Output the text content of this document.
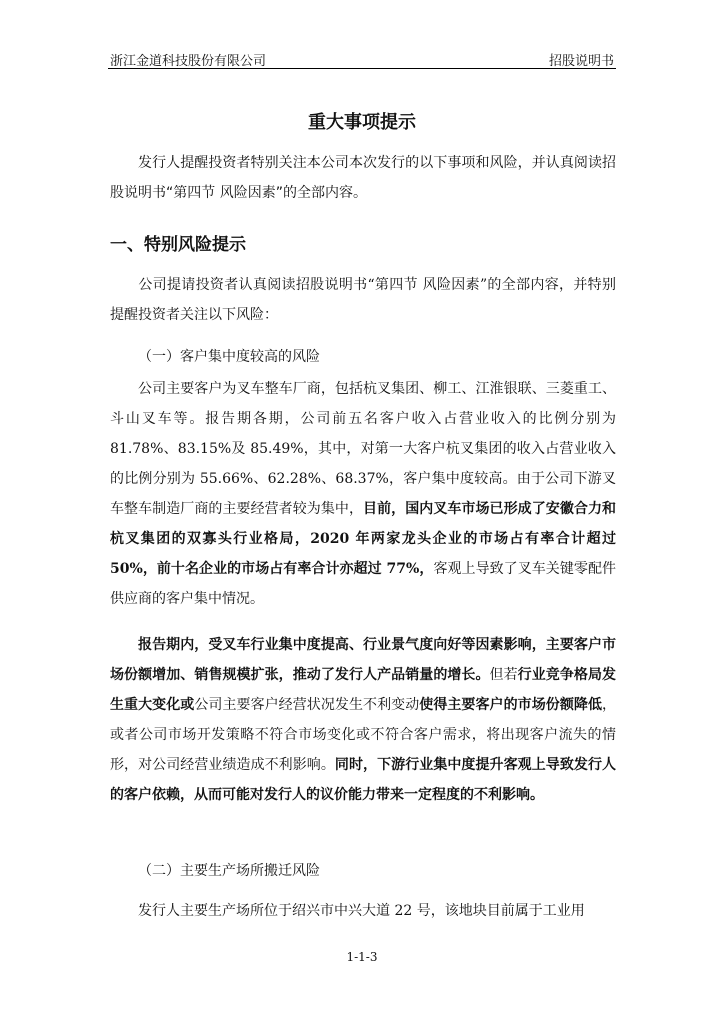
浙江金道科技股份有限公司	招股说明书
重大事项提示
发行人提醒投资者特别关注本公司本次发行的以下事项和风险，并认真阅读招股说明书“第四节 风险因素”的全部内容。
一、特别风险提示
公司提请投资者认真阅读招股说明书“第四节 风险因素”的全部内容，并特别提醒投资者关注以下风险：
（一）客户集中度较高的风险
公司主要客户为叉车整车厂商，包括杭叉集团、柳工、江淮银联、三菱重工、斗山叉车等。报告期各期，公司前五名客户收入占营业收入的比例分别为81.78%、83.15%及 85.49%，其中，对第一大客户杭叉集团的收入占营业收入的比例分别为 55.66%、62.28%、68.37%，客户集中度较高。由于公司下游叉车整车制造厂商的主要经营者较为集中，目前，国内叉车市场已形成了安徽合力和杭叉集团的双寡头行业格局，2020 年两家龙头企业的市场占有率合计超过 50%，前十名企业的市场占有率合计亦超过 77%，客观上导致了叉车关键零配件供应商的客户集中情况。
报告期内，受叉车行业集中度提高、行业景气度向好等因素影响，主要客户市场份额增加、销售规模扩张，推动了发行人产品销量的增长。但若行业竞争格局发生重大变化或公司主要客户经营状况发生不利变动使得主要客户的市场份额降低，或者公司市场开发策略不符合市场变化或不符合客户需求，将出现客户流失的情形，对公司经营业绩造成不利影响。同时，下游行业集中度提升客观上导致发行人的客户依赖，从而可能对发行人的议价能力带来一定程度的不利影响。
（二）主要生产场所搬迁风险
发行人主要生产场所位于绍兴市中兴大道 22 号，该地块目前属于工业用
1-1-3
